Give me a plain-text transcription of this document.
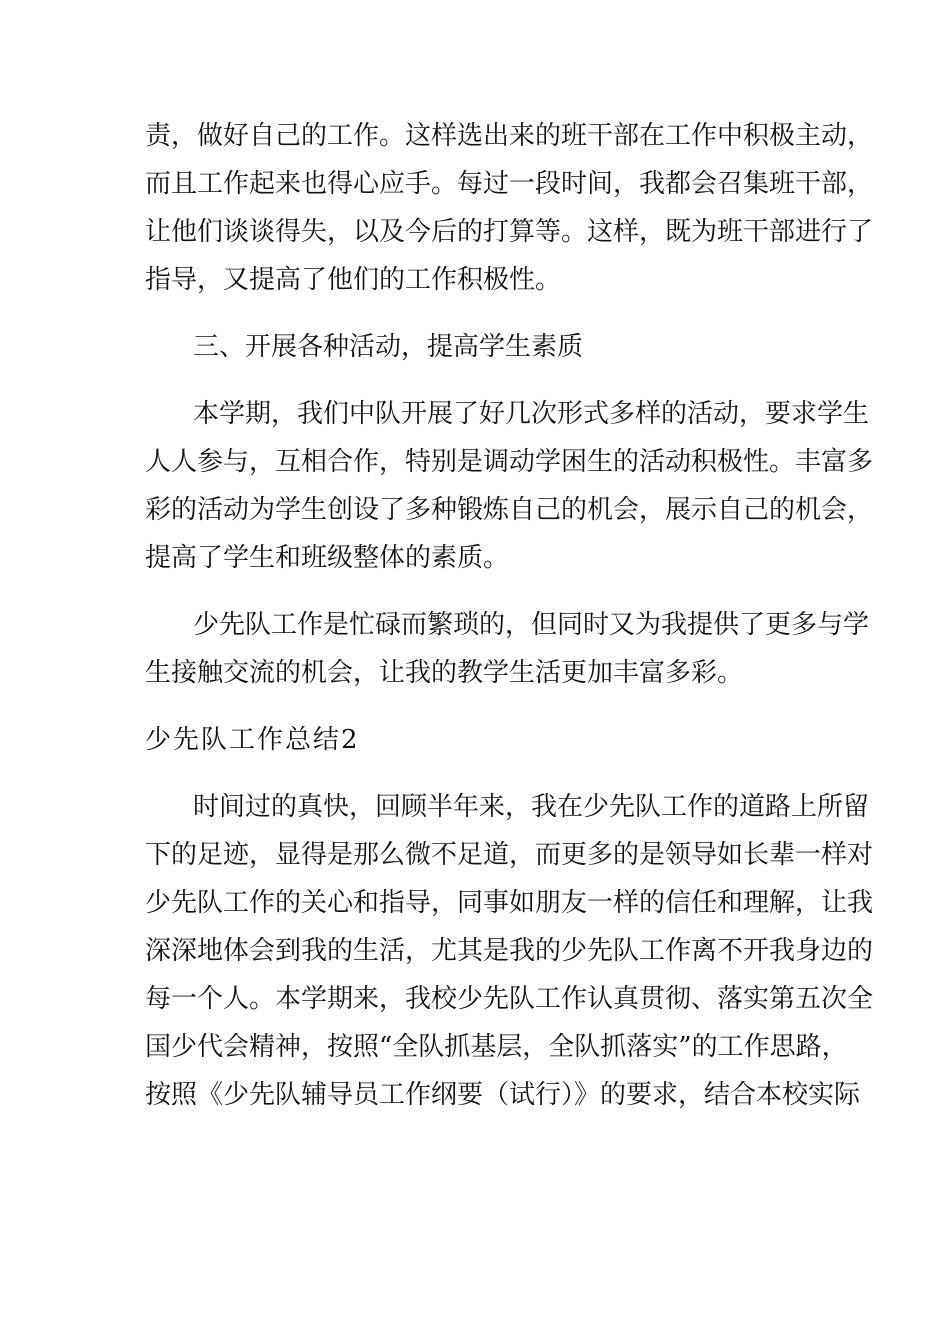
责，做好自己的工作。这样选出来的班干部在工作中积极主动，
而且工作起来也得心应手。每过一段时间，我都会召集班干部，
让他们谈谈得失，以及今后的打算等。这样，既为班干部进行了
指导，又提高了他们的工作积极性。
三、开展各种活动，提高学生素质
本学期，我们中队开展了好几次形式多样的活动，要求学生
人人参与，互相合作，特别是调动学困生的活动积极性。丰富多
彩的活动为学生创设了多种锻炼自己的机会，展示自己的机会，
提高了学生和班级整体的素质。
少先队工作是忙碌而繁琐的，但同时又为我提供了更多与学
生接触交流的机会，让我的教学生活更加丰富多彩。
少先队工作总结2
时间过的真快，回顾半年来，我在少先队工作的道路上所留
下的足迹，显得是那么微不足道，而更多的是领导如长辈一样对
少先队工作的关心和指导，同事如朋友一样的信任和理解，让我
深深地体会到我的生活，尤其是我的少先队工作离不开我身边的
每一个人。本学期来，我校少先队工作认真贯彻、落实第五次全
国少代会精神，按照“全队抓基层，全队抓落实”的工作思路，
按照《少先队辅导员工作纲要（试行）》的要求，结合本校实际
